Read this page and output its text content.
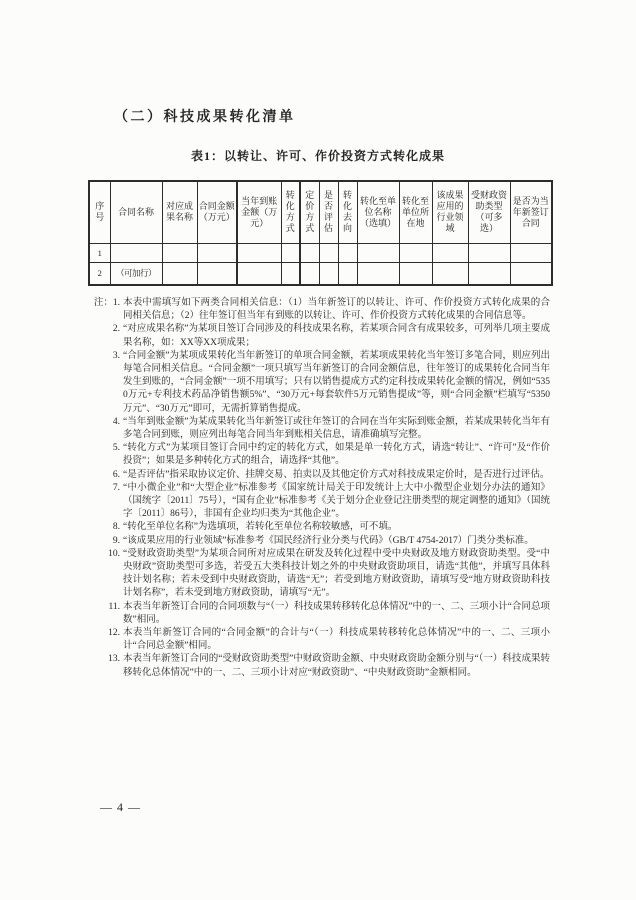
（二）科技成果转化清单
表1：以转让、许可、作价投资方式转化成果
序号	合同名称	对应成果名称	合同金额（万元）	当年到账金额（万元）	转化方式	定价方式	是否评估	转化去向	转化至单位名称（选填）	转化至单位所在地	该成果应用的行业领域	受财政资助类型（可多选）	是否为当年新签订合同
1													
2	（可加行）												
注：1. 本表中需填写如下两类合同相关信息：（1）当年新签订的以转让、许可、作价投资方式转化成果的合同相关信息；（2）往年签订但当年有到账的以转让、许可、作价投资方式转化成果的合同信息等。
2. “对应成果名称”为某项目签订合同涉及的科技成果名称，若某项合同含有成果较多，可列举几项主要成果名称，如：XX等XX项成果；
3. “合同金额”为某项成果转化当年新签订的单项合同金额，若某项成果转化当年签订多笔合同，则应列出每笔合同相关信息。“合同金额”一项只填写当年新签订的合同金额信息，往年签订的成果转化合同当年发生到账的，“合同金额”一项不用填写；只有以销售提成方式约定科技成果转化金额的情况，例如“5350万元+专利技术药品净销售额5%”、“30万元+每套软件5万元销售提成”等，则“合同金额”栏填写“5350万元”、“30万元”即可，无需折算销售提成。
4. “当年到账金额”为某成果转化当年新签订或往年签订的合同在当年实际到账金额，若某成果转化当年有多笔合同到账，则应列出每笔合同当年到账相关信息，请准确填写完整。
5. “转化方式”为某项目签订合同中约定的转化方式，如果是单一转化方式，请选“转让”、“许可”及“作价投资”；如果是多种转化方式的组合，请选择“其他”。
6. “是否评估”指采取协议定价、挂牌交易、拍卖以及其他定价方式对科技成果定价时，是否进行过评估。
7. “中小微企业”和“大型企业”标准参考《国家统计局关于印发统计上大中小微型企业划分办法的通知》（国统字〔2011〕75号），“国有企业”标准参考《关于划分企业登记注册类型的规定调整的通知》（国统字〔2011〕86号），非国有企业均归类为“其他企业”。
8. “转化至单位名称”为选填项，若转化至单位名称较敏感，可不填。
9. “该成果应用的行业领域”标准参考《国民经济行业分类与代码》（GB/T 4754-2017）门类分类标准。
10. “受财政资助类型”为某项合同所对应成果在研发及转化过程中受中央财政及地方财政资助类型。受“中央财政”资助类型可多选，若受五大类科技计划之外的中央财政资助项目，请选“其他”，并填写具体科技计划名称；若未受到中央财政资助，请选“无”；若受到地方财政资助，请填写受“地方财政资助科技计划名称”，若未受到地方财政资助，请填写“无”。
11. 本表当年新签订合同的合同项数与“（一）科技成果转移转化总体情况”中的一、二、三项小计“合同总项数”相同。
12. 本表当年新签订合同的“合同金额”的合计与“（一）科技成果转移转化总体情况”中的一、二、三项小计“合同总金额”相同。
13. 本表当年新签订合同的“受财政资助类型”中财政资助金额、中央财政资助金额分别与“（一）科技成果转移转化总体情况”中的一、二、三项小计对应“财政资助”、“中央财政资助”金额相同。
— 4 —
